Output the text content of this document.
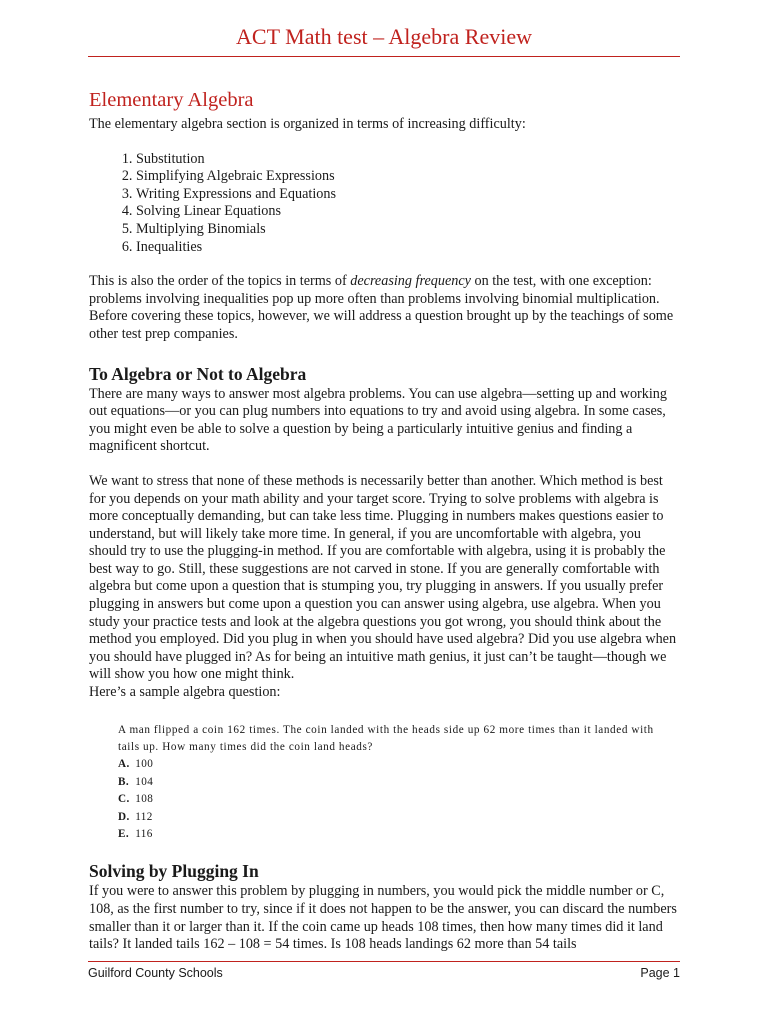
ACT Math test – Algebra Review
Elementary Algebra

The elementary algebra section is organized in terms of increasing difficulty:

1. Substitution
2. Simplifying Algebraic Expressions
3. Writing Expressions and Equations
4. Solving Linear Equations
5. Multiplying Binomials
6. Inequalities

This is also the order of the topics in terms of decreasing frequency on the test, with one exception: problems involving inequalities pop up more often than problems involving binomial multiplication. Before covering these topics, however, we will address a question brought up by the teachings of some other test prep companies.

To Algebra or Not to Algebra

There are many ways to answer most algebra problems. You can use algebra—setting up and working out equations—or you can plug numbers into equations to try and avoid using algebra. In some cases, you might even be able to solve a question by being a particularly intuitive genius and finding a magnificent shortcut.

We want to stress that none of these methods is necessarily better than another. Which method is best for you depends on your math ability and your target score. Trying to solve problems with algebra is more conceptually demanding, but can take less time. Plugging in numbers makes questions easier to understand, but will likely take more time. In general, if you are uncomfortable with algebra, you should try to use the plugging-in method. If you are comfortable with algebra, using it is probably the best way to go. Still, these suggestions are not carved in stone. If you are generally comfortable with algebra but come upon a question that is stumping you, try plugging in answers. If you usually prefer plugging in answers but come upon a question you can answer using algebra, use algebra. When you study your practice tests and look at the algebra questions you got wrong, you should think about the method you employed. Did you plug in when you should have used algebra? Did you use algebra when you should have plugged in? As for being an intuitive math genius, it just can’t be taught—though we will show you how one might think.

Here’s a sample algebra question:

A man flipped a coin 162 times. The coin landed with the heads side up 62 more times than it landed with tails up. How many times did the coin land heads?
A. 100
B. 104
C. 108
D. 112
E. 116
Solving by Plugging In

If you were to answer this problem by plugging in numbers, you would pick the middle number or C, 108, as the first number to try, since if it does not happen to be the answer, you can discard the numbers smaller than it or larger than it. If the coin came up heads 108 times, then how many times did it land tails? It landed tails 162 – 108 = 54 times. Is 108 heads landings 62 more than 54 tails

Guilford County Schools	Page 1
